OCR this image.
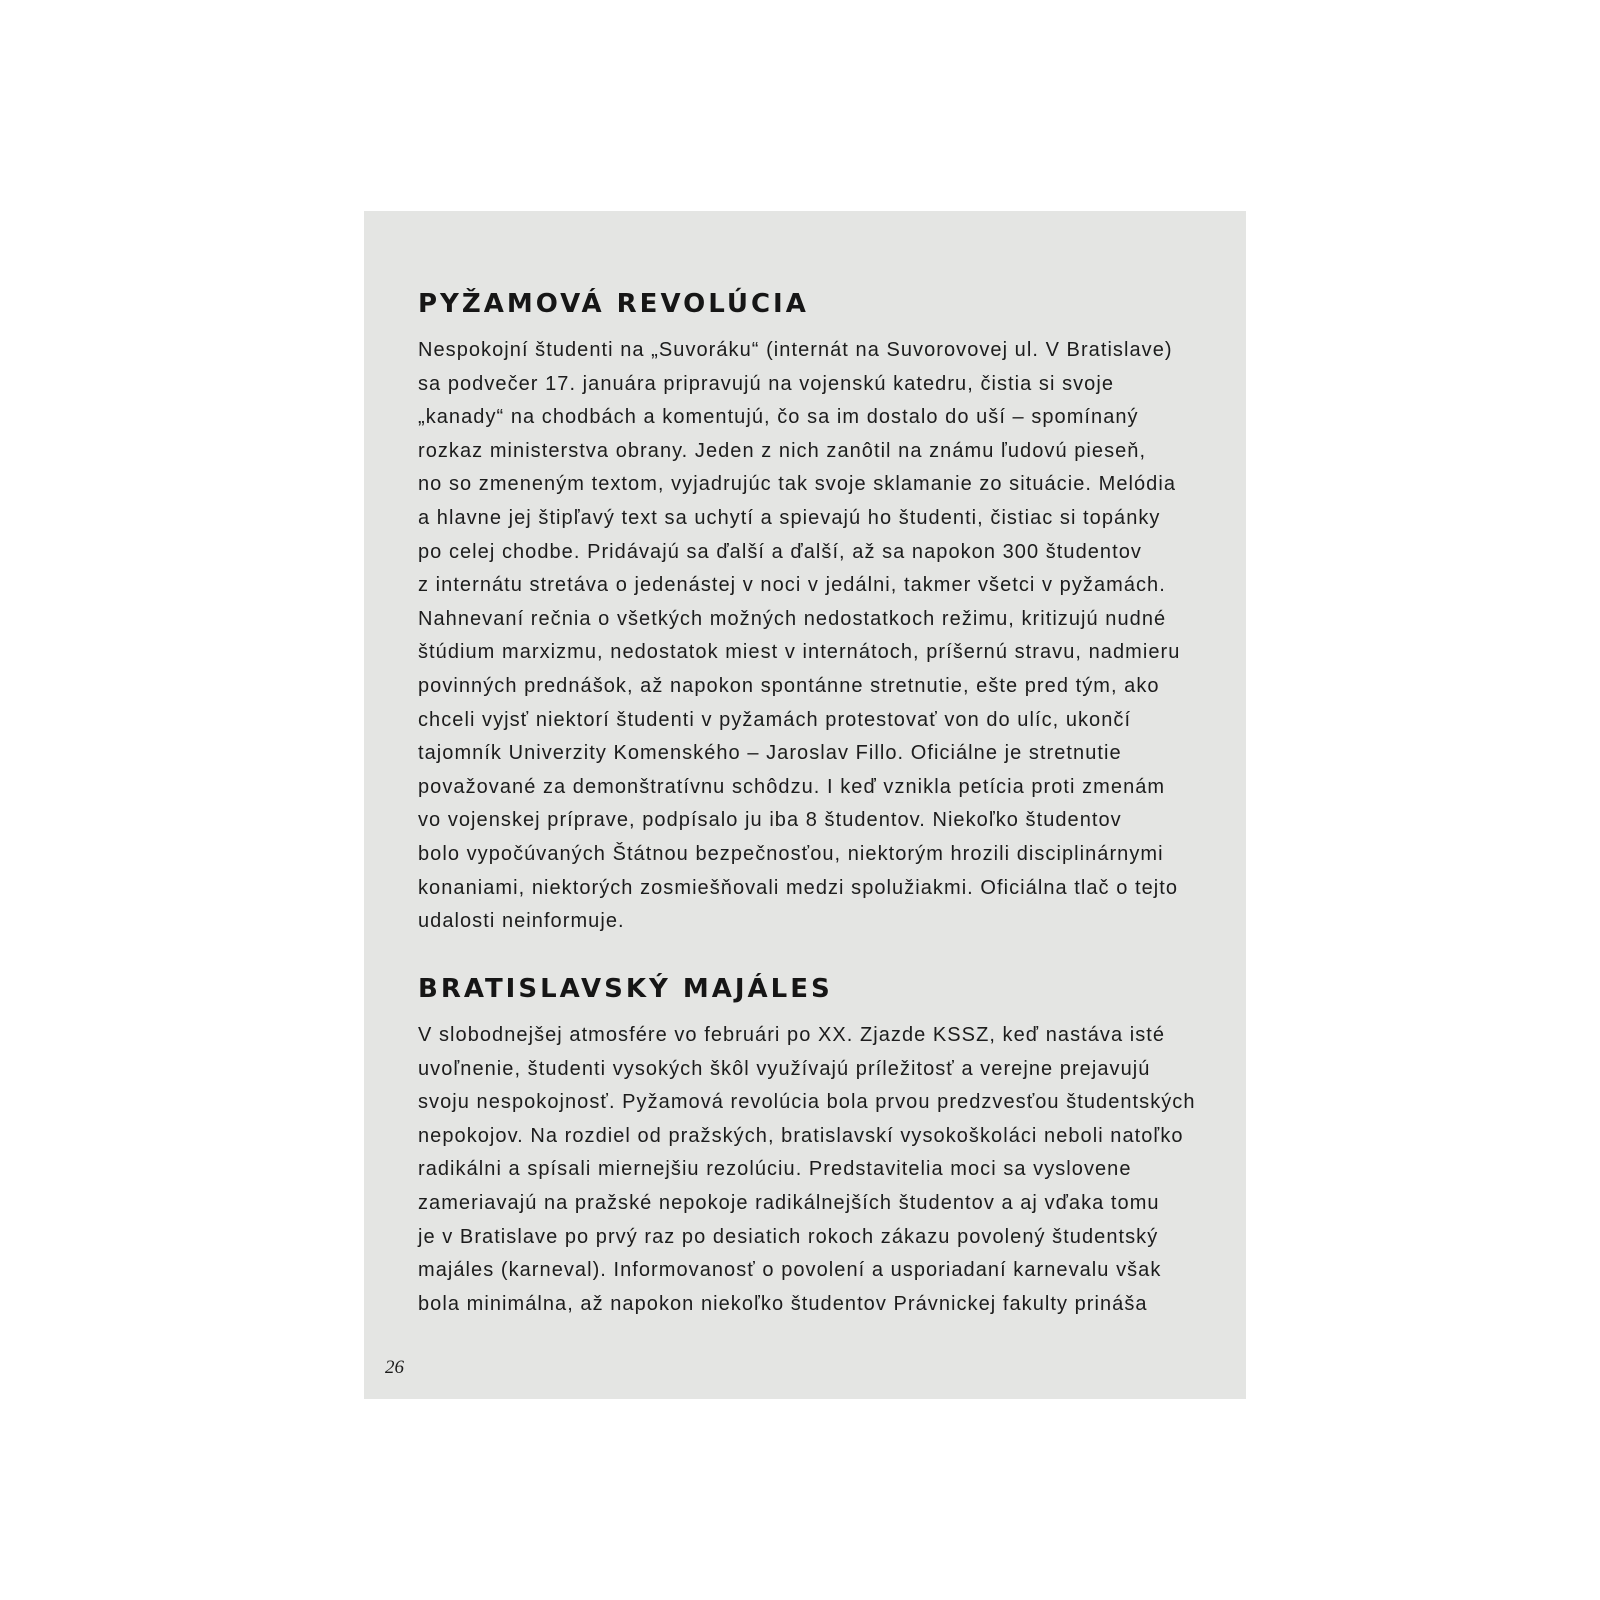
PYŽAMOVÁ REVOLÚCIA
Nespokojní študenti na „Suvoráku“ (internát na Suvorovovej ul. V Bratislave)
sa podvečer 17. januára pripravujú na vojenskú katedru, čistia si svoje
„kanady“ na chodbách a komentujú, čo sa im dostalo do uší – spomínaný
rozkaz ministerstva obrany. Jeden z nich zanôtil na známu ľudovú pieseň,
no so zmeneným textom, vyjadrujúc tak svoje sklamanie zo situácie. Melódia
a hlavne jej štipľavý text sa uchytí a spievajú ho študenti, čistiac si topánky
po celej chodbe. Pridávajú sa ďalší a ďalší, až sa napokon 300 študentov
z internátu stretáva o jedenástej v noci v jedálni, takmer všetci v pyžamách.
Nahnevaní rečnia o všetkých možných nedostatkoch režimu, kritizujú nudné
štúdium marxizmu, nedostatok miest v internátoch, príšernú stravu, nadmieru
povinných prednášok, až napokon spontánne stretnutie, ešte pred tým, ako
chceli vyjsť niektorí študenti v pyžamách protestovať von do ulíc, ukončí
tajomník Univerzity Komenského – Jaroslav Fillo. Oficiálne je stretnutie
považované za demonštratívnu schôdzu. I keď vznikla petícia proti zmenám
vo vojenskej príprave, podpísalo ju iba 8 študentov. Niekoľko študentov
bolo vypočúvaných Štátnou bezpečnosťou, niektorým hrozili disciplinárnymi
konaniami, niektorých zosmiešňovali medzi spolužiakmi. Oficiálna tlač o tejto
udalosti neinformuje.
BRATISLAVSKÝ MAJÁLES
V slobodnejšej atmosfére vo februári po XX. Zjazde KSSZ, keď nastáva isté
uvoľnenie, študenti vysokých škôl využívajú príležitosť a verejne prejavujú
svoju nespokojnosť. Pyžamová revolúcia bola prvou predzvesťou študentských
nepokojov. Na rozdiel od pražských, bratislavskí vysokoškoláci neboli natoľko
radikálni a spísali miernejšiu rezolúciu. Predstavitelia moci sa vyslovene
zameriavajú na pražské nepokoje radikálnejších študentov a aj vďaka tomu
je v Bratislave po prvý raz po desiatich rokoch zákazu povolený študentský
majáles (karneval). Informovanosť o povolení a usporiadaní karnevalu však
bola minimálna, až napokon niekoľko študentov Právnickej fakulty prináša
26
